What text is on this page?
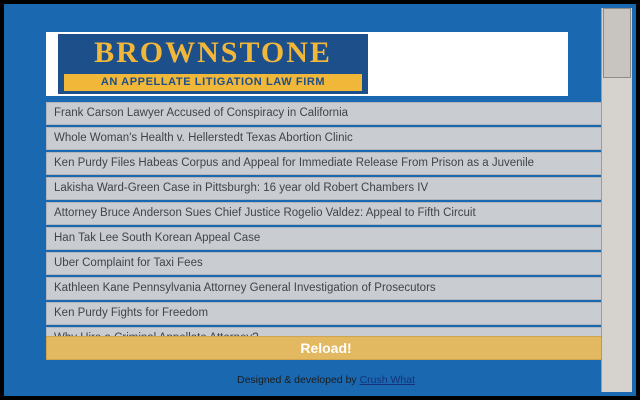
BROWNSTONE
AN APPELLATE LITIGATION LAW FIRM
Frank Carson Lawyer Accused of Conspiracy in California
Whole Woman's Health v. Hellerstedt Texas Abortion Clinic
Ken Purdy Files Habeas Corpus and Appeal for Immediate Release From Prison as a Juvenile
Lakisha Ward-Green Case in Pittsburgh: 16 year old Robert Chambers IV
Attorney Bruce Anderson Sues Chief Justice Rogelio Valdez: Appeal to Fifth Circuit
Han Tak Lee South Korean Appeal Case
Uber Complaint for Taxi Fees
Kathleen Kane Pennsylvania Attorney General Investigation of Prosecutors
Ken Purdy Fights for Freedom
Reload!
Designed & developed by Crush What
